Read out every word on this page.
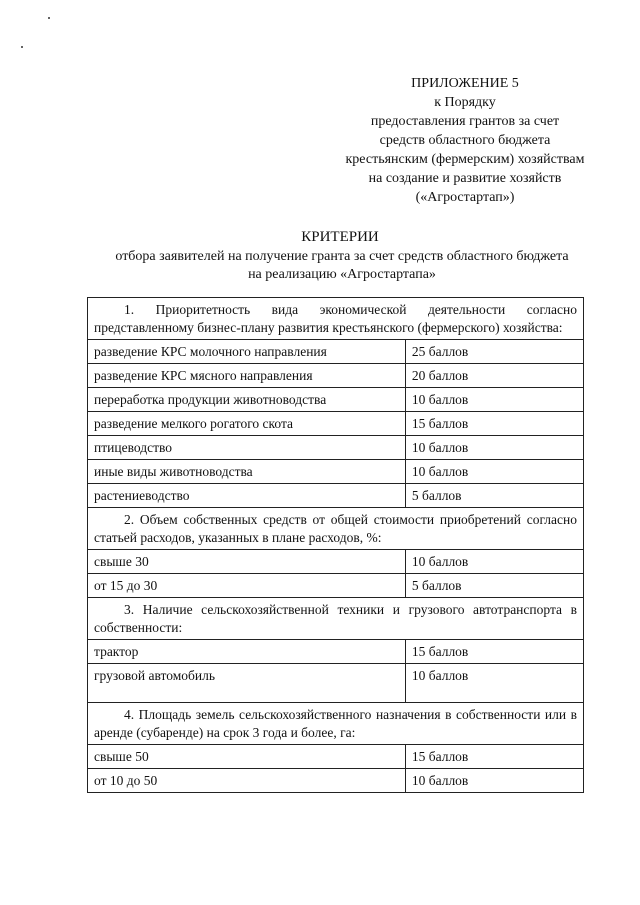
ПРИЛОЖЕНИЕ 5
к Порядку
предоставления грантов за счет
средств областного бюджета
крестьянским (фермерским) хозяйствам
на создание и развитие хозяйств
(«Агростартап»)
КРИТЕРИИ
отбора заявителей на получение гранта за счет средств областного бюджета
на реализацию «Агростартапа»
1. Приоритетность вида экономической деятельности согласно представленному бизнес-плану развития крестьянского (фермерского) хозяйства:	
разведение КРС молочного направления	25 баллов
разведение КРС мясного направления	20 баллов
переработка продукции животноводства	10 баллов
разведение мелкого рогатого скота	15 баллов
птицеводство	10 баллов
иные виды животноводства	10 баллов
растениеводство	5 баллов
2. Объем собственных средств от общей стоимости приобретений согласно статьей расходов, указанных в плане расходов, %:	
свыше 30	10 баллов
от 15 до 30	5 баллов
3. Наличие сельскохозяйственной техники и грузового автотранспорта в собственности:	
трактор	15 баллов
грузовой автомобиль	10 баллов
4. Площадь земель сельскохозяйственного назначения в собственности или в аренде (субаренде) на срок 3 года и более, га:	
свыше 50	15 баллов
от 10 до 50	10 баллов
